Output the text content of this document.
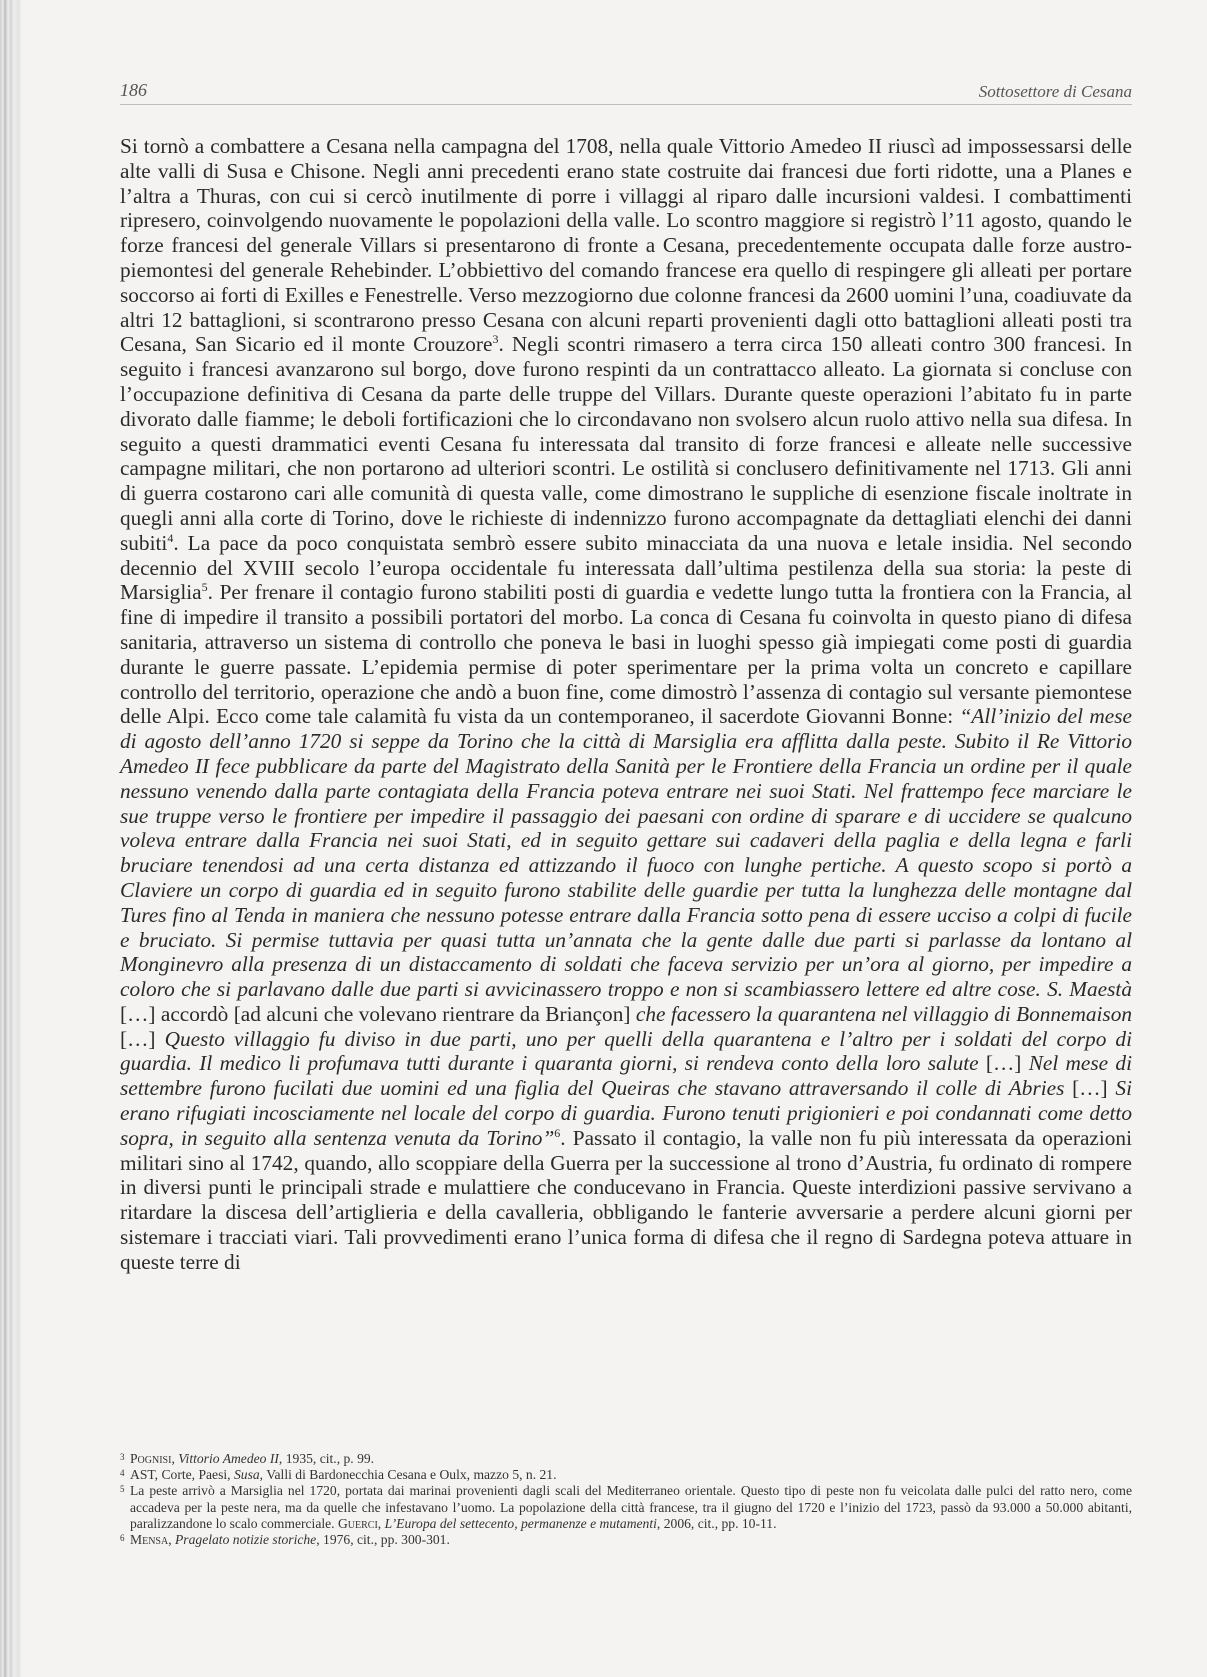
186	Sottosettore di Cesana

Si tornò a combattere a Cesana nella campagna del 1708, nella quale Vittorio Amedeo II riuscì ad impossessarsi delle alte valli di Susa e Chisone. Negli anni precedenti erano state costruite dai francesi due forti ridotte, una a Planes e l’altra a Thuras, con cui si cercò inutilmente di porre i villaggi al riparo dalle incursioni valdesi. I combattimenti ripresero, coinvolgendo nuovamente le popolazioni della valle. Lo scontro maggiore si registrò l’11 agosto, quando le forze francesi del generale Villars si presentarono di fronte a Cesana, precedentemente occupata dalle forze austro-piemontesi del generale Rehebinder. L’obbiettivo del comando francese era quello di respingere gli alleati per portare soccorso ai forti di Exilles e Fenestrelle. Verso mezzogiorno due colonne francesi da 2600 uomini l’una, coadiuvate da altri 12 battaglioni, si scontrarono presso Cesana con alcuni reparti provenienti dagli otto battaglioni alleati posti tra Cesana, San Sicario ed il monte Crouzore$^3$. Negli scontri rimasero a terra circa 150 alleati contro 300 francesi. In seguito i francesi avanzarono sul borgo, dove furono respinti da un contrattacco alleato. La giornata si concluse con l’occupazione definitiva di Cesana da parte delle truppe del Villars. Durante queste operazioni l’abitato fu in parte divorato dalle fiamme; le deboli fortificazioni che lo circondavano non svolsero alcun ruolo attivo nella sua difesa. In seguito a questi drammatici eventi Cesana fu interessata dal transito di forze francesi e alleate nelle successive campagne militari, che non portarono ad ulteriori scontri. Le ostilità si conclusero definitivamente nel 1713. Gli anni di guerra costarono cari alle comunità di questa valle, come dimostrano le suppliche di esenzione fiscale inoltrate in quegli anni alla corte di Torino, dove le richieste di indennizzo furono accompagnate da dettagliati elenchi dei danni subiti$^4$. La pace da poco conquistata sembrò essere subito minacciata da una nuova e letale insidia. Nel secondo decennio del XVIII secolo l’europa occidentale fu interessata dall’ultima pestilenza della sua storia: la peste di Marsiglia$^5$. Per frenare il contagio furono stabiliti posti di guardia e vedette lungo tutta la frontiera con la Francia, al fine di impedire il transito a possibili portatori del morbo. La conca di Cesana fu coinvolta in questo piano di difesa sanitaria, attraverso un sistema di controllo che poneva le basi in luoghi spesso già impiegati come posti di guardia durante le guerre passate. L’epidemia permise di poter sperimentare per la prima volta un concreto e capillare controllo del territorio, operazione che andò a buon fine, come dimostrò l’assenza di contagio sul versante piemontese delle Alpi. Ecco come tale calamità fu vista da un contemporaneo, il sacerdote Giovanni Bonne: “All’inizio del mese di agosto dell’anno 1720 si seppe da Torino che la città di Marsiglia era afflitta dalla peste. Subito il Re Vittorio Amedeo II fece pubblicare da parte del Magistrato della Sanità per le Frontiere della Francia un ordine per il quale nessuno venendo dalla parte contagiata della Francia poteva entrare nei suoi Stati. Nel frattempo fece marciare le sue truppe verso le frontiere per impedire il passaggio dei paesani con ordine di sparare e di uccidere se qualcuno voleva entrare dalla Francia nei suoi Stati, ed in seguito gettare sui cadaveri della paglia e della legna e farli bruciare tenendosi ad una certa distanza ed attizzando il fuoco con lunghe pertiche. A questo scopo si portò a Claviere un corpo di guardia ed in seguito furono stabilite delle guardie per tutta la lunghezza delle montagne dal Tures fino al Tenda in maniera che nessuno potesse entrare dalla Francia sotto pena di essere ucciso a colpi di fucile e bruciato. Si permise tuttavia per quasi tutta un’annata che la gente dalle due parti si parlasse da lontano al Monginevro alla presenza di un distaccamento di soldati che faceva servizio per un’ora al giorno, per impedire a coloro che si parlavano dalle due parti si avvicinassero troppo e non si scambiassero lettere ed altre cose. S. Maestà […] accordò [ad alcuni che volevano rientrare da Briançon] che facessero la quarantena nel villaggio di Bonnemaison […] Questo villaggio fu diviso in due parti, uno per quelli della quarantena e l’altro per i soldati del corpo di guardia. Il medico li profumava tutti durante i quaranta giorni, si rendeva conto della loro salute […] Nel mese di settembre furono fucilati due uomini ed una figlia del Queiras che stavano attraversando il colle di Abries […] Si erano rifugiati incosciamente nel locale del corpo di guardia. Furono tenuti prigionieri e poi condannati come detto sopra, in seguito alla sentenza venuta da Torino”$^6$. Passato il contagio, la valle non fu più interessata da operazioni militari sino al 1742, quando, allo scoppiare della Guerra per la successione al trono d’Austria, fu ordinato di rompere in diversi punti le principali strade e mulattiere che conducevano in Francia. Queste interdizioni passive servivano a ritardare la discesa dell’artiglieria e della cavalleria, obbligando le fanterie avversarie a perdere alcuni giorni per sistemare i tracciati viari. Tali provvedimenti erano l’unica forma di difesa che il regno di Sardegna poteva attuare in queste terre di

3 Pognisi, Vittorio Amedeo II, 1935, cit., p. 99.
4 AST, Corte, Paesi, Susa, Valli di Bardonecchia Cesana e Oulx, mazzo 5, n. 21.
5 La peste arrivò a Marsiglia nel 1720, portata dai marinai provenienti dagli scali del Mediterraneo orientale. Questo tipo di peste non fu veicolata dalle pulci del ratto nero, come accadeva per la peste nera, ma da quelle che infestavano l’uomo. La popolazione della città francese, tra il giugno del 1720 e l’inizio del 1723, passò da 93.000 a 50.000 abitanti, paralizzandone lo scalo commerciale. Guerci, L’Europa del settecento, permanenze e mutamenti, 2006, cit., pp. 10-11.
6 Mensa, Pragelato notizie storiche, 1976, cit., pp. 300-301.
